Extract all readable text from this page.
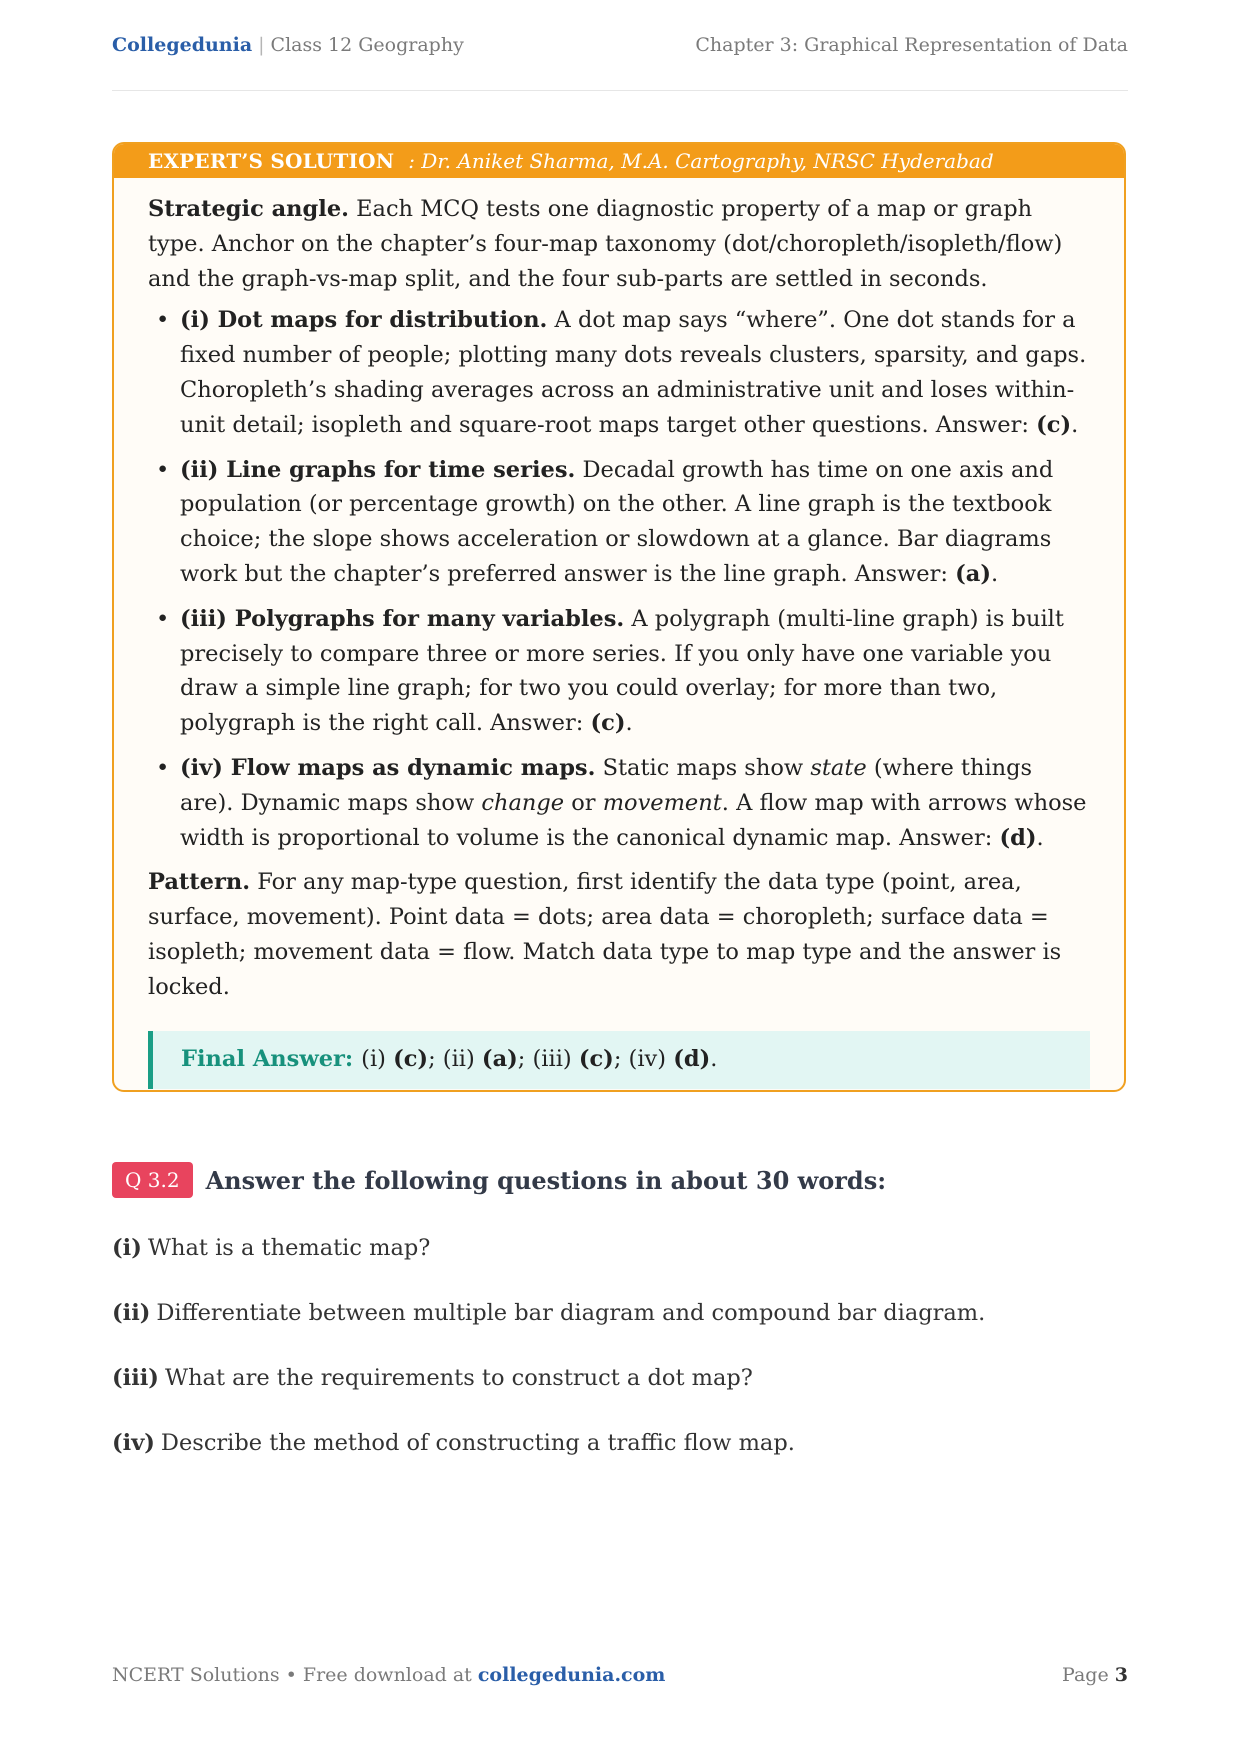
Collegedunia | Class 12 Geography	Chapter 3: Graphical Representation of Data
EXPERT’S SOLUTION : Dr. Aniket Sharma, M.A. Cartography, NRSC Hyderabad

Strategic angle. Each MCQ tests one diagnostic property of a map or graph type. Anchor on the chapter’s four-map taxonomy (dot/choropleth/isopleth/flow) and the graph-vs-map split, and the four sub-parts are settled in seconds.

• (i) Dot maps for distribution. A dot map says “where”. One dot stands for a fixed number of people; plotting many dots reveals clusters, sparsity, and gaps. Choropleth’s shading averages across an administrative unit and loses within-unit detail; isopleth and square-root maps target other questions. Answer: (c).
• (ii) Line graphs for time series. Decadal growth has time on one axis and population (or percentage growth) on the other. A line graph is the textbook choice; the slope shows acceleration or slowdown at a glance. Bar diagrams work but the chapter’s preferred answer is the line graph. Answer: (a).
• (iii) Polygraphs for many variables. A polygraph (multi-line graph) is built precisely to compare three or more series. If you only have one variable you draw a simple line graph; for two you could overlay; for more than two, polygraph is the right call. Answer: (c).
• (iv) Flow maps as dynamic maps. Static maps show state (where things are). Dynamic maps show change or movement. A flow map with arrows whose width is proportional to volume is the canonical dynamic map. Answer: (d).

Pattern. For any map-type question, first identify the data type (point, area, surface, movement). Point data = dots; area data = choropleth; surface data = isopleth; movement data = flow. Match data type to map type and the answer is locked.

Final Answer: (i) (c); (ii) (a); (iii) (c); (iv) (d).
Q 3.2	Answer the following questions in about 30 words:
(i) What is a thematic map?
(ii) Differentiate between multiple bar diagram and compound bar diagram.
(iii) What are the requirements to construct a dot map?
(iv) Describe the method of constructing a traffic flow map.
NCERT Solutions • Free download at collegedunia.com	Page 3
